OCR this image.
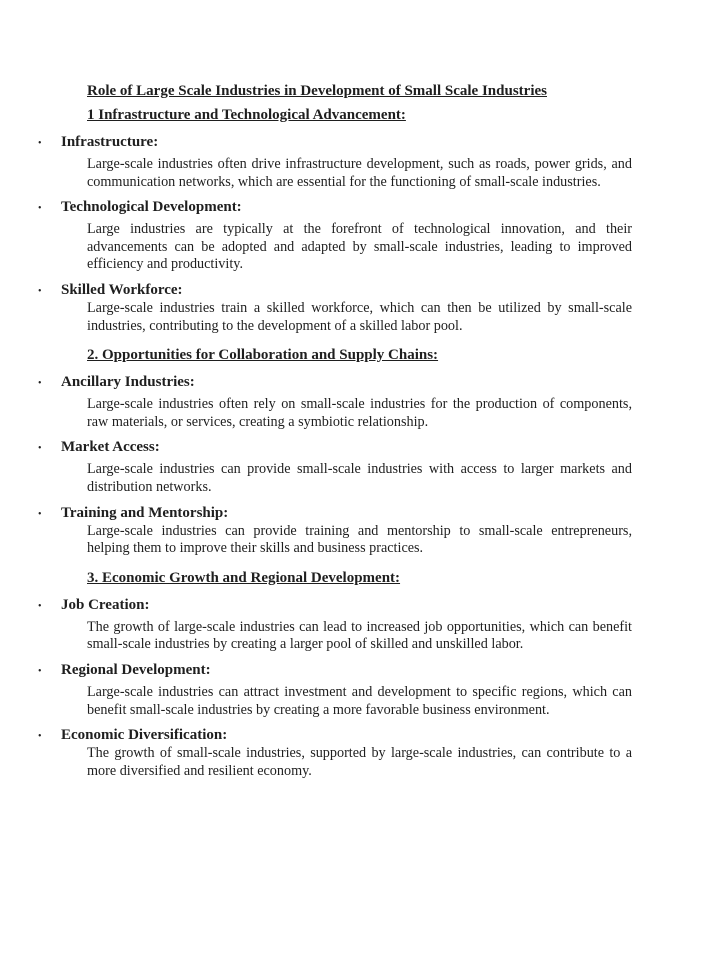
Role of Large Scale Industries in Development of Small Scale Industries
1 Infrastructure and Technological Advancement:
• Infrastructure:
Large-scale industries often drive infrastructure development, such as roads, power grids, and communication networks, which are essential for the functioning of small-scale industries.
• Technological Development:
Large industries are typically at the forefront of technological innovation, and their advancements can be adopted and adapted by small-scale industries, leading to improved efficiency and productivity.
• Skilled Workforce:
Large-scale industries train a skilled workforce, which can then be utilized by small-scale industries, contributing to the development of a skilled labor pool.
2. Opportunities for Collaboration and Supply Chains:
• Ancillary Industries:
Large-scale industries often rely on small-scale industries for the production of components, raw materials, or services, creating a symbiotic relationship.
• Market Access:
Large-scale industries can provide small-scale industries with access to larger markets and distribution networks.
• Training and Mentorship:
Large-scale industries can provide training and mentorship to small-scale entrepreneurs, helping them to improve their skills and business practices.
3. Economic Growth and Regional Development:
• Job Creation:
The growth of large-scale industries can lead to increased job opportunities, which can benefit small-scale industries by creating a larger pool of skilled and unskilled labor.
• Regional Development:
Large-scale industries can attract investment and development to specific regions, which can benefit small-scale industries by creating a more favorable business environment.
• Economic Diversification:
The growth of small-scale industries, supported by large-scale industries, can contribute to a more diversified and resilient economy.
